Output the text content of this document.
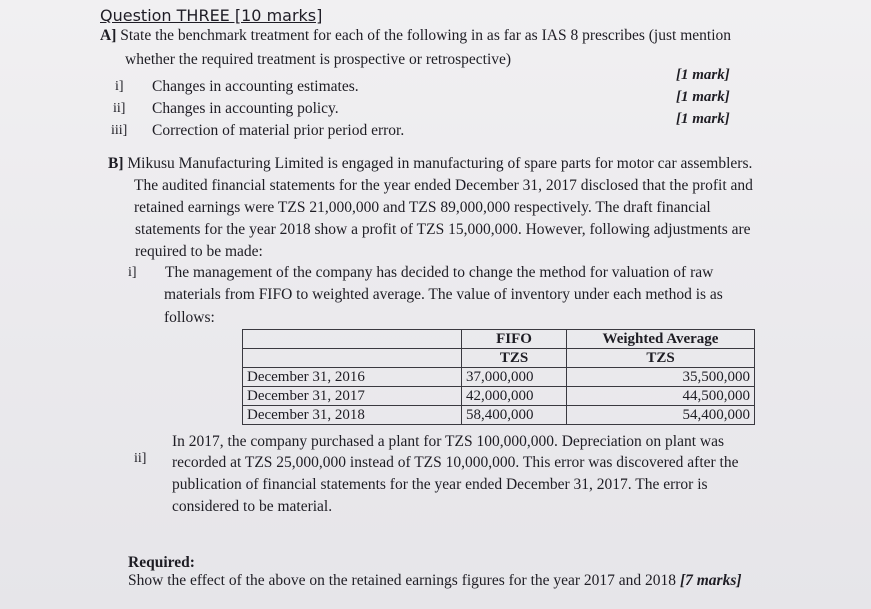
Question THREE [10 marks]
A] State the benchmark treatment for each of the following in as far as IAS 8 prescribes (just mention
whether the required treatment is prospective or retrospective)
i] Changes in accounting estimates.
[1 mark]
ii] Changes in accounting policy.
[1 mark]
iii] Correction of material prior period error.
[1 mark]
B] Mikusu Manufacturing Limited is engaged in manufacturing of spare parts for motor car assemblers.
The audited financial statements for the year ended December 31, 2017 disclosed that the profit and
retained earnings were TZS 21,000,000 and TZS 89,000,000 respectively. The draft financial
statements for the year 2018 show a profit of TZS 15,000,000. However, following adjustments are
required to be made:
i] The management of the company has decided to change the method for valuation of raw
materials from FIFO to weighted average. The value of inventory under each method is as
follows:
	FIFO	Weighted Average
	TZS	TZS
December 31, 2016	37,000,000	35,500,000
December 31, 2017	42,000,000	44,500,000
December 31, 2018	58,400,000	54,400,000
ii]
In 2017, the company purchased a plant for TZS 100,000,000. Depreciation on plant was
recorded at TZS 25,000,000 instead of TZS 10,000,000. This error was discovered after the
publication of financial statements for the year ended December 31, 2017. The error is
considered to be material.
Required:
Show the effect of the above on the retained earnings figures for the year 2017 and 2018 [7 marks]
